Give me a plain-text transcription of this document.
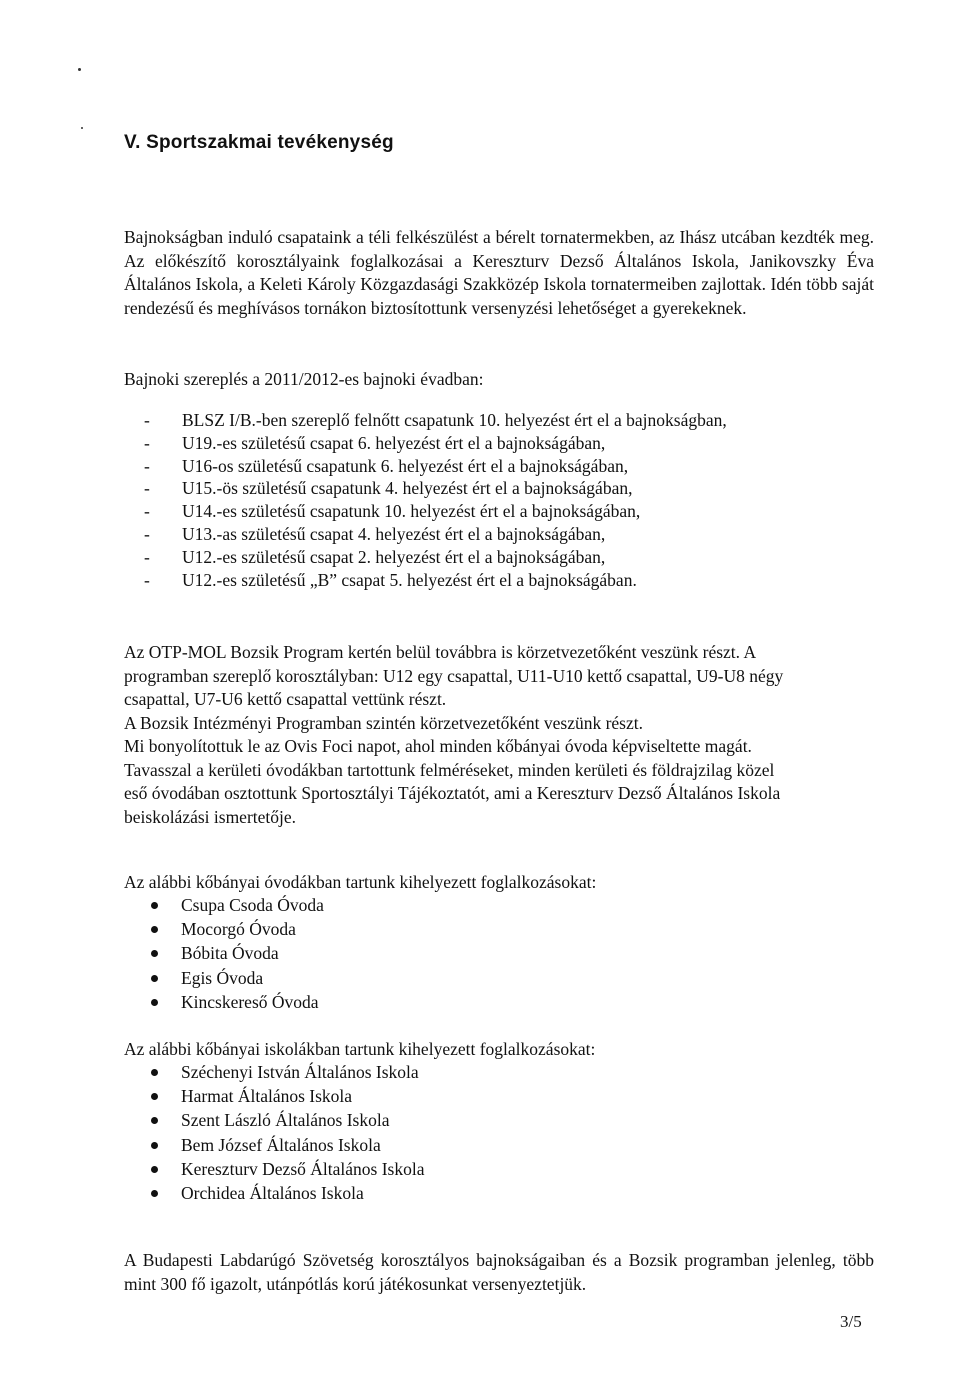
V. Sportszakmai tevékenység

Bajnokságban induló csapataink a téli felkészülést a bérelt tornatermekben, az Ihász utcában kezdték meg. Az előkészítő korosztályaink foglalkozásai a Kereszturv Dezső Általános Iskola, Janikovszky Éva Általános Iskola, a Keleti Károly Közgazdasági Szakközép Iskola tornatermeiben zajlottak. Idén több saját rendezésű és meghívásos tornákon biztosítottunk versenyzési lehetőséget a gyerekeknek.

Bajnoki szereplés a 2011/2012-es bajnoki évadban:
- BLSZ I/B.-ben szereplő felnőtt csapatunk 10. helyezést ért el a bajnokságban,
- U19.-es születésű csapat 6. helyezést ért el a bajnokságában,
- U16-os születésű csapatunk 6. helyezést ért el a bajnokságában,
- U15.-ös születésű csapatunk 4. helyezést ért el a bajnokságában,
- U14.-es születésű csapatunk 10. helyezést ért el a bajnokságában,
- U13.-as születésű csapat 4. helyezést ért el a bajnokságában,
- U12.-es születésű csapat 2. helyezést ért el a bajnokságában,
- U12.-es születésű „B” csapat 5. helyezést ért el a bajnokságában.
Az OTP-MOL Bozsik Program kertén belül továbbra is körzetvezetőként veszünk részt. A
programban szereplő korosztályban: U12 egy csapattal, U11-U10 kettő csapattal, U9-U8 négy
csapattal, U7-U6 kettő csapattal vettünk részt.
A Bozsik Intézményi Programban szintén körzetvezetőként veszünk részt.
Mi bonyolítottuk le az Ovis Foci napot, ahol minden kőbányai óvoda képviseltette magát.
Tavasszal a kerületi óvodákban tartottunk felméréseket, minden kerületi és földrajzilag közel
eső óvodában osztottunk Sportosztályi Tájékoztatót, ami a Kereszturv Dezső Általános Iskola
beiskolázási ismertetője.
Az alábbi kőbányai óvodákban tartunk kihelyezett foglalkozásokat:
Csupa Csoda Óvoda
Mocorgó Óvoda
Bóbita Óvoda
Egis Óvoda
Kincskereső Óvoda
Az alábbi kőbányai iskolákban tartunk kihelyezett foglalkozásokat:
Széchenyi István Általános Iskola
Harmat Általános Iskola
Szent László Általános Iskola
Bem József Általános Iskola
Kereszturv Dezső Általános Iskola
Orchidea Általános Iskola

A Budapesti Labdarúgó Szövetség korosztályos bajnokságaiban és a Bozsik programban jelenleg, több mint 300 fő igazolt, utánpótlás korú játékosunkat versenyeztetjük.

3/5
